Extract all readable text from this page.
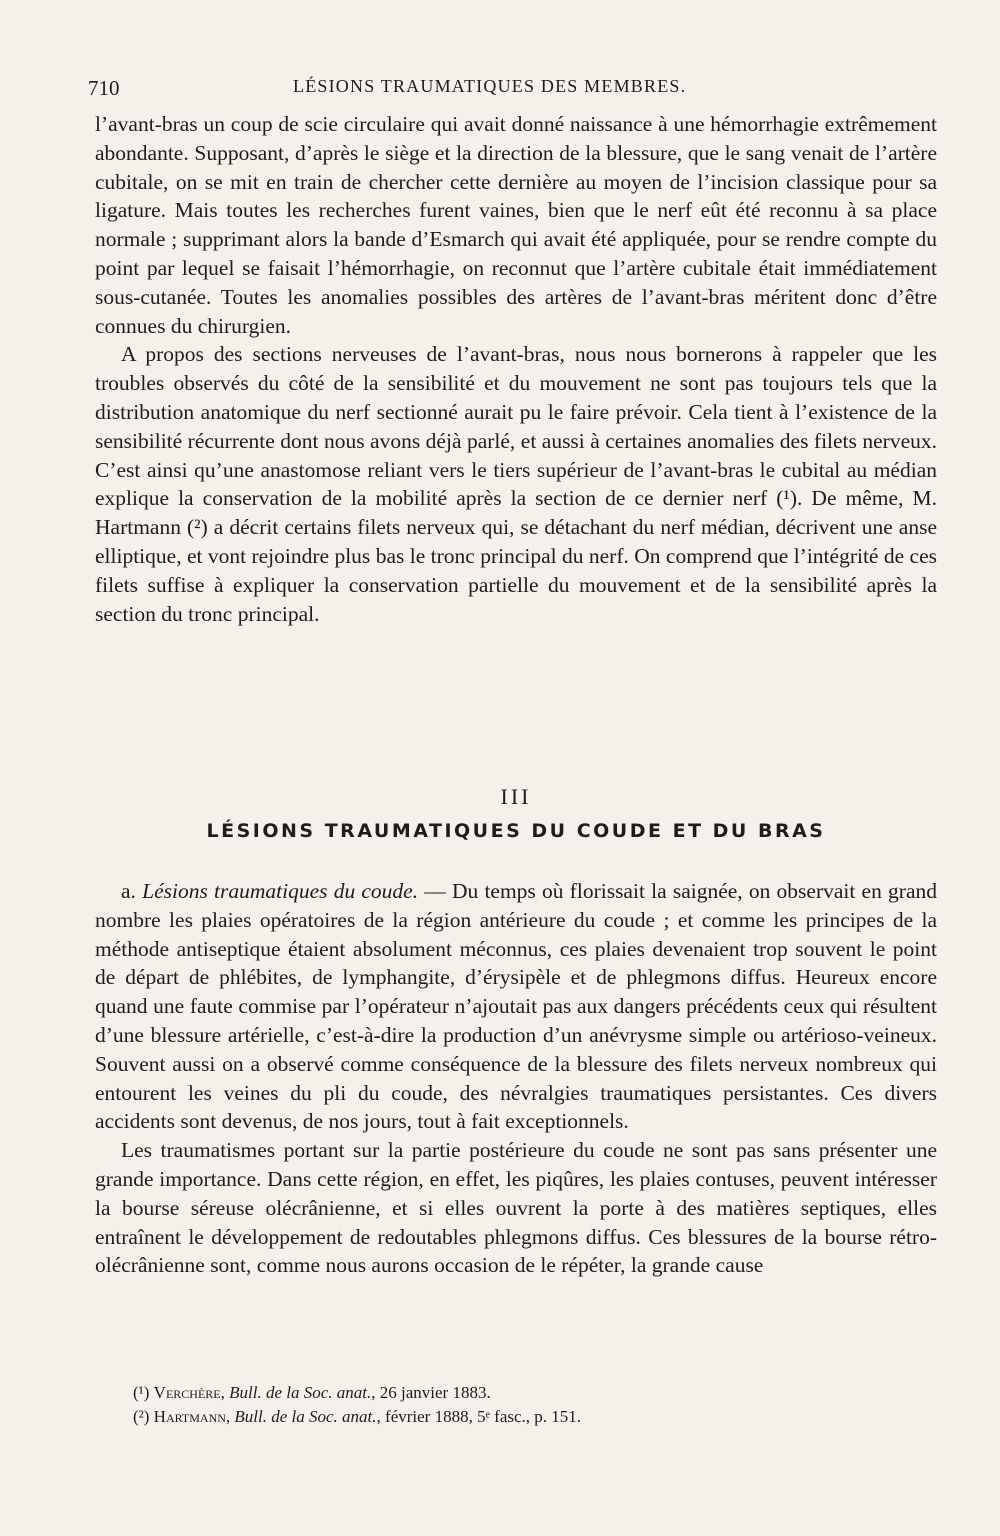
710	LÉSIONS TRAUMATIQUES DES MEMBRES.

l’avant-bras un coup de scie circulaire qui avait donné naissance à une hémorrhagie extrêmement abondante. Supposant, d’après le siège et la direction de la blessure, que le sang venait de l’artère cubitale, on se mit en train de chercher cette dernière au moyen de l’incision classique pour sa ligature. Mais toutes les recherches furent vaines, bien que le nerf eût été reconnu à sa place normale ; supprimant alors la bande d’Esmarch qui avait été appliquée, pour se rendre compte du point par lequel se faisait l’hémorrhagie, on reconnut que l’artère cubitale était immédiatement sous-cutanée. Toutes les anomalies possibles des artères de l’avant-bras méritent donc d’être connues du chirurgien.

A propos des sections nerveuses de l’avant-bras, nous nous bornerons à rappeler que les troubles observés du côté de la sensibilité et du mouvement ne sont pas toujours tels que la distribution anatomique du nerf sectionné aurait pu le faire prévoir. Cela tient à l’existence de la sensibilité récurrente dont nous avons déjà parlé, et aussi à certaines anomalies des filets nerveux. C’est ainsi qu’une anastomose reliant vers le tiers supérieur de l’avant-bras le cubital au médian explique la conservation de la mobilité après la section de ce dernier nerf (¹). De même, M. Hartmann (²) a décrit certains filets nerveux qui, se détachant du nerf médian, décrivent une anse elliptique, et vont rejoindre plus bas le tronc principal du nerf. On comprend que l’intégrité de ces filets suffise à expliquer la conservation partielle du mouvement et de la sensibilité après la section du tronc principal.

III
LÉSIONS TRAUMATIQUES DU COUDE ET DU BRAS

a. Lésions traumatiques du coude. — Du temps où florissait la saignée, on observait en grand nombre les plaies opératoires de la région antérieure du coude ; et comme les principes de la méthode antiseptique étaient absolument méconnus, ces plaies devenaient trop souvent le point de départ de phlébites, de lymphangite, d’érysipèle et de phlegmons diffus. Heureux encore quand une faute commise par l’opérateur n’ajoutait pas aux dangers précédents ceux qui résultent d’une blessure artérielle, c’est-à-dire la production d’un anévrysme simple ou artérioso-veineux. Souvent aussi on a observé comme conséquence de la blessure des filets nerveux nombreux qui entourent les veines du pli du coude, des névralgies traumatiques persistantes. Ces divers accidents sont devenus, de nos jours, tout à fait exceptionnels.

Les traumatismes portant sur la partie postérieure du coude ne sont pas sans présenter une grande importance. Dans cette région, en effet, les piqûres, les plaies contuses, peuvent intéresser la bourse séreuse olécrânienne, et si elles ouvrent la porte à des matières septiques, elles entraînent le développement de redoutables phlegmons diffus. Ces blessures de la bourse rétro-olécrânienne sont, comme nous aurons occasion de le répéter, la grande cause

(¹) Verchère, Bull. de la Soc. anat., 26 janvier 1883.
(²) Hartmann, Bull. de la Soc. anat., février 1888, 5ᵉ fasc., p. 151.
